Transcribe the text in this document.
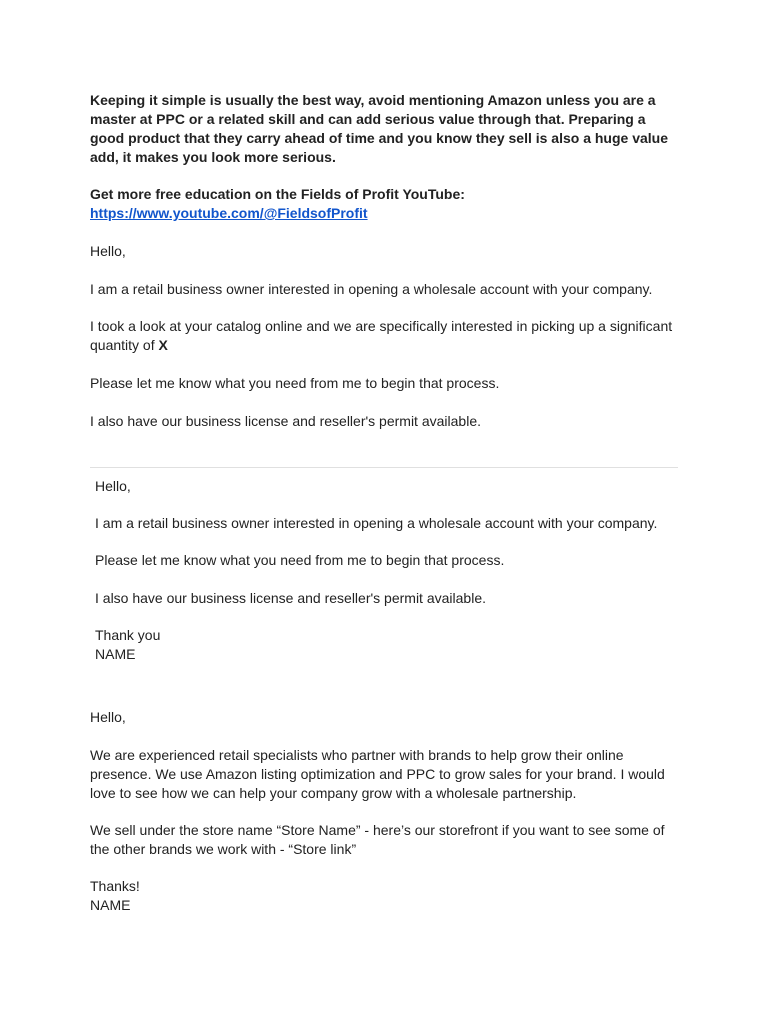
Keeping it simple is usually the best way, avoid mentioning Amazon unless you are a master at PPC or a related skill and can add serious value through that. Preparing a good product that they carry ahead of time and you know they sell is also a huge value add, it makes you look more serious.

Get more free education on the Fields of Profit YouTube:

https://www.youtube.com/@FieldsofProfit

Hello,

I am a retail business owner interested in opening a wholesale account with your company.

I took a look at your catalog online and we are specifically interested in picking up a significant quantity of X

Please let me know what you need from me to begin that process.

I also have our business license and reseller's permit available.

Hello,

I am a retail business owner interested in opening a wholesale account with your company.

Please let me know what you need from me to begin that process.

I also have our business license and reseller's permit available.

Thank you

NAME

Hello,

We are experienced retail specialists who partner with brands to help grow their online presence. We use Amazon listing optimization and PPC to grow sales for your brand. I would love to see how we can help your company grow with a wholesale partnership.

We sell under the store name “Store Name” - here’s our storefront if you want to see some of the other brands we work with - “Store link”

Thanks!

NAME
